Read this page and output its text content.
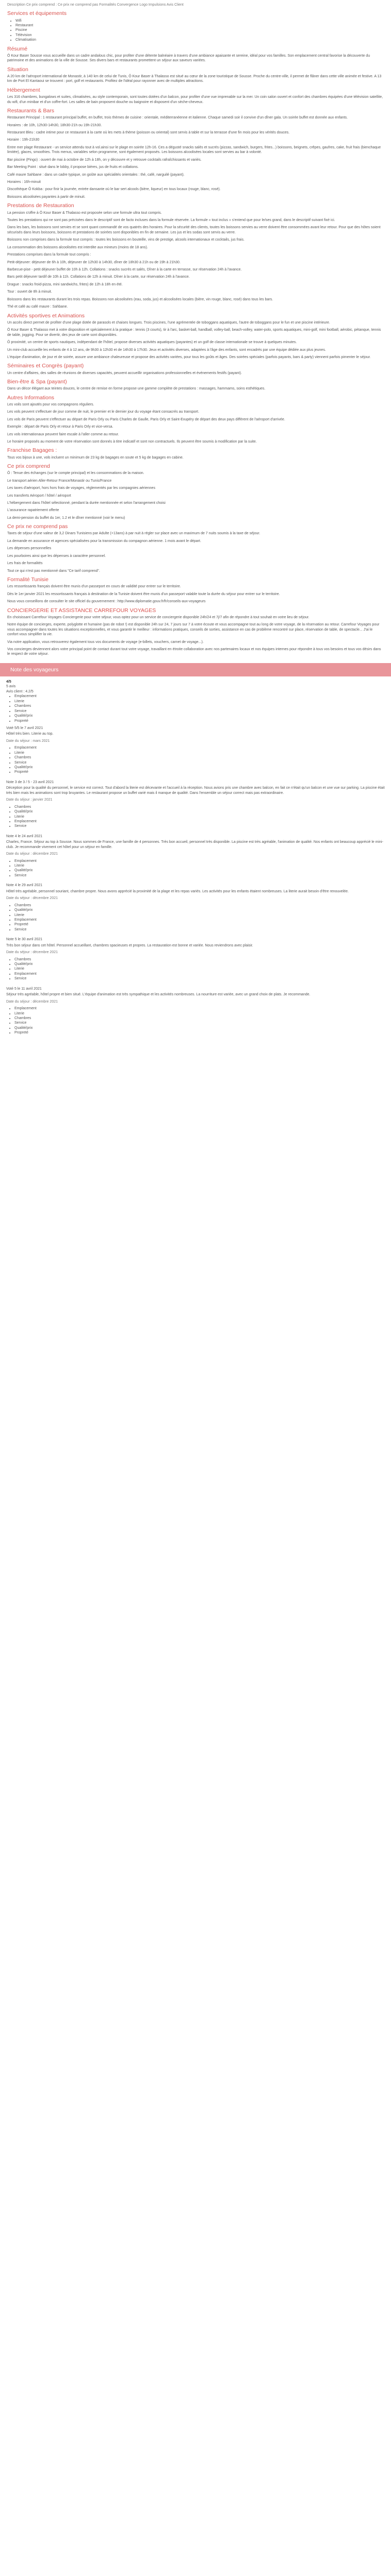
Description Ce prix comprend : Ce prix ne comprend pas Formalités Convergence Logo Impulsions Avis Client

Services et équipements
• Wifi
• Restaurant
• Piscine
• Télévision
• Climatisation
Résumé

Ô Kour Baser Sousse vous accueille dans un cadre andalous chic, pour profiter d'une détente balnéaire à travers d'une ambiance apaisante et sereine, idéal pour vos familles. Son emplacement central favorise la découverte du patrimoine et des animations de la ville de Sousse. Ses divers bars et restaurants promettent un séjour aux saveurs variées.

Situation

A 20 km de l'aéroport international de Monastir, à 140 km de celui de Tunis, Ô Kour Baser à Thalasso est situé au cœur de la zone touristique de Sousse. Proche du centre-ville, il permet de flâner dans cette ville animée et festive. A 13 km de Port El Kantaoui se trouvent : port, golf et restaurants. Profitez de l'idéal pour rayonner avec de multiples attractions.

Hébergement

Les 316 chambres, bungalows et suites, climatisées, au style contemporain, sont toutes dotées d'un balcon, pour profiter d'une vue imprenable sur la mer. Un coin salon ouvert et confort des chambres équipées d'une télévision satellite, du wifi, d'un minibar et d'un coffre-fort. Les salles de bain proposent douche ou baignoire et disposent d'un sèche-cheveux.

Restaurants & Bars

Restaurant Principal : 1 restaurant principal buffet, en buffet, trois thèmes de cuisine : orientale, méditerranéenne et italienne. Chaque samedi soir il convive d'un dîner gala. Un soirée buffet est donnée aux enfants.

Horaires : de 10h, 12h30-14h30, 18h30-21h ou 19h-21h30.

Restaurant Bleu : cadre intime pour ce restaurant à la carte où les mets à thème (poisson ou oriental) sont servis à table et sur la terrasse d'une fin mois pour les vérités douces.

Horaire : 19h-21h30

Entre mer plage Restaurant - un service attendu tout à vol.ainsi sur le plage en soirée 12h-16. Ces a dégusté snacks salés et sucrés (pizzas, sandwich, burgers, frites...) boissons, beignets, crêpes, gaufres, cake, fruit frais (bienchaque limitée), glaces, smoothies. Trois menus, variables selon programme, sont également proposés. Les boissons alcoolisées locales sont servies au bar à volonté.

Bar piscine (Pingo) : ouvert de mai à octobre de 12h à 18h, on y découvre et y retrouve cocktails rafraîchissants et variés.

Bar Meeting Point : situé dans le lobby, il propose bières, jus de fruits et collations.

Café maure Sahbane : dans un cadre typique, on goûte aux spécialités orientales : thé, café, narguilé (payant).

Horaires : 16h-minuit

Discothèque Ô Kokba : pour finir la journée, entrée dansante où le bar sert alcools (bière, liqueur) en tous locaux (rouge, blanc, rosé).

Boissons alcoolisées payantes à partir de minuit.

Prestations de Restauration

La pension s'offre à Ô Kour Baser & Thalasso est proposée selon une formule ultra tout compris.

Toutes les prestations qui ne sont pas précisées dans le descriptif sont de facto incluses dans la formule réservée. La formule « tout inclus » s'entend que pour le/ses grand, dans le descriptif suivant fixé ici.

Dans les bars, les boissons sont servies et se sont quant commandé de vos quatrés des horaires. Pour la sécurité des clients, toutes les boissons servies au verre doivent être consommées avant leur retour. Pour que des hôtes soient sécurisés dans leurs boissons, boissons et prestations de soirées sont disponibles en fin de semaine. Les jus et les sodas sont servis au verre.

Boissons non comprises dans la formule tout compris : toutes les boissons en bouteille, vins de prestige, alcools internationaux et cocktails, jus frais.

La consommation des boissons alcoolisées est interdite aux mineurs (moins de 18 ans).

Prestations comprises dans la formule tout compris :

Petit-déjeuner: déjeuner de 6h à 10h, déjeuner de 12h30 à 14h30, dîner de 18h30 à 21h ou de 19h à 21h30.

Barbecue-pise - petit déjeuner buffet de 10h à 12h. Collations : snacks sucrés et salés, Dîner à la carte en terrasse, sur réservation 24h à l'avance.

Bars petit déjeuner tardif de 10h à 11h. Collations de 12h à minuit. Dîner à la carte, sur réservation 24h à l'avance.

Drague : snacks froid-pizza, mini sandwichs, frites) de 12h à 18h en été.

Tour : ouvert de 8h à minuit.

Boissons dans les restaurants durant les trois repas. Boissons non alcoolisées (eau, soda, jus) et alcoolisées locales (bière, vin rouge, blanc, rosé) dans tous les bars.

Thé et café au café maure : Sahbane.

Activités sportives et Animations

Un accès direct permet de profiter d'une plage dotée de parasols et chaises longues. Trois piscines, l'une agrémentée de toboggans aquatiques, l'autre de toboggans pour le fun et une piscine intérieure.

Ô Kour Baser & Thalasso met à votre disposition et spécialement à la pratique : tennis (3 courts), tir à l'arc, basket-ball, handball, volley-ball, beach-volley, water-polo, sports aquatiques, mini-golf, mini football, aérobic, pétanque, tennis de table, jogging. Pour se divertir, des jeux de carte sont disponibles.

Ô proximité, un centre de sports nautiques, indépendant de l'hôtel, propose diverses activités aquatiques (payantes) et un golf de classe internationale se trouve à quelques minutes.

Un mini-club accueille les enfants de 4 à 12 ans, de 9h30 à 12h30 et de 14h30 à 17h30. Jeux et activités diverses, adaptées à l'âge des enfants, sont encadrés par une équipe dédiée aux plus jeunes.

L'équipe d'animation, de jour et de soirée, assure une ambiance chaleureuse et propose des activités variées, pour tous les goûts et âges. Des soirées spéciales (parfois payants, bars & party) viennent parfois pimenter le séjour.

Séminaires et Congrès (payant)

Un centre d'affaires, des salles de réunions de diverses capacités, peuvent accueillir organisations professionnelles et événements festifs (payant).

Bien-être & Spa (payant)

Dans un décor élégant aux teintes douces, le centre de remise en forme propose une gamme complète de prestations : massages, hammams, soins esthétiques.

Autres Informations

Les voils sont ajoutés pour vos compagnons réguliers.

Les vols peuvent s'effectuer de jour comme de nuit, le premier et le dernier jour du voyage étant consacrés au transport.

Les vols de Paris peuvent s'effectuer au départ de Paris Orly ou Paris Charles de Gaulle, Paris Orly et Saint-Exupéry de départ des deux pays différent de l'aéroport d'arrivée.

Exemple : départ de Paris Orly et retour à Paris Orly et vice-versa.

Les vols internationaux peuvent faire escale à l'aller comme au retour.

Le horaire proposés au moment de votre réservation sont donnés à titre indicatif et sont non contractuels. Ils peuvent être soumis à modification par la suite.

Franchise Bagages :

Tous vos bijoux à une, vols incluent un minimum de 23 kg de bagages en soute et 5 kg de bagages en cabine.

Ce prix comprend

Ô : Tenue des échanges (sur le compte principal) et les consommations de la maison.

Le transport aérien Aller-Retour France/Monastir ou Tunis/France

Les taxes d'aéroport, hors hors frais de voyages, réglementés par les compagnies aériennes

Les transferts Aéroport / hôtel / aéroport

L'hébergement dans l'hôtel sélectionné, pendant la durée mentionnée et selon l'arrangement choisi

L'assurance rapatriement offerte

La demi-pension du buffet du 1er, 1.2 et le dîner mentionné (voir le menu)

Ce prix ne comprend pas

Taxes de séjour d'une valeur de 3,2 Dinars Tunisiens par Adulte (+13ans) à par nuit à régler sur place avec un maximum de 7 nuits soumis à la taxe de séjour.

La demande en assurance et agences spécialisées pour la transmission du compagnon aérienne. 1 mois avant le départ.

Les dépenses personnelles

Les pourboires ainsi que les dépenses à caractère personnel.

Les frais de formalités

Tout ce qui n'est pas mentionné dans "Ce tarif comprend".

Formalité Tunisie

Les ressortissants français doivent être munis d'un passeport en cours de validité pour entrer sur le territoire.

Dès le 1er janvier 2021 les ressortissants français à destination de la Tunisie doivent être munis d'un passeport valable toute la durée du séjour pour entrer sur le territoire.

Nous vous conseillons de consulter le site officiel du gouvernement : http://www.diplomatie.gouv.fr/fr/conseils-aux-voyageurs

CONCIERGERIE ET ASSISTANCE CARREFOUR VOYAGES

En choisissant Carrefour Voyages Conciergerie pour votre séjour, vous optez pour un service de conciergerie disponible 24h/24 et 7j/7 afin de répondre à tout souhait en votre lieu de séjour.

Notre équipe de concierges, experte, polyglotte et humaine (pas de robot !) est disponible 24h sur 24, 7 jours sur 7 à votre écoute et vous accompagne tout au long de votre voyage, de la réservation au retour. Carrefour Voyages pour vous accompagner dans toutes les situations exceptionnelles, et vous garantir le meilleur : informations pratiques, conseils de sorties, assistance en cas de problème rencontré sur place, réservation de table, de spectacle... J'ai le confort vous simplifier la vie.

Via notre application, vous retrouverez également tous vos documents de voyage (e-billets, vouchers, carnet de voyage...).

Vos concierges deviennent alors votre principal point de contact durant tout votre voyage, travaillant en étroite collaboration avec nos partenaires locaux et nos équipes internes pour répondre à tous vos besoins et tous vos désirs dans le respect de votre séjour.

Note des voyageurs
4/5
5 avis
Avis client : 4.2/5
• Emplacement
• Literie
• Chambres
• Service
• Qualité/prix
• Propreté
Voté 5/5 le 7 avril 2021

Hôtel très bien. Literie au top.

Date du séjour : mars 2021
• Emplacement
• Literie
• Chambres
• Service
• Qualité/prix
• Propreté
Note 3 de 3 / 5 - 23 avril 2021

Déception pour la qualité du personnel, le service est correct. Tout d'abord la literie est décevante et l'accueil à la réception. Nous avions pris une chambre avec balcon, en fait ce n'était qu'un balcon et une vue sur parking. La piscine était très bien mais les animations sont trop bruyantes. Le restaurant propose un buffet varié mais il manque de qualité. Dans l'ensemble un séjour correct mais pas extraordinaire.

Date du séjour : janvier 2021
• Chambres
• Qualité/prix
• Literie
• Emplacement
• Service
Note 4 le 24 avril 2021

Charles, France. Séjour au top à Sousse. Nous sommes de France, une famille de 4 personnes. Très bon accueil, personnel très disponible. La piscine est très agréable, l'animation de qualité. Nos enfants ont beaucoup apprécié le mini-club. Je recommande vivement cet hôtel pour un séjour en famille.

Date du séjour : décembre 2021
• Emplacement
• Literie
• Qualité/prix
• Service
Note 4 le 29 avril 2021

Hôtel très agréable, personnel souriant, chambre propre. Nous avons apprécié la proximité de la plage et les repas variés. Les activités pour les enfants étaient nombreuses. La literie aurait besoin d'être renouvelée.

Date du séjour : décembre 2021
• Chambres
• Qualité/prix
• Literie
• Emplacement
• Propreté
• Service
Note 5 le 30 avril 2021

Très bon séjour dans cet hôtel. Personnel accueillant, chambres spacieuses et propres. La restauration est bonne et variée. Nous reviendrons avec plaisir.

Date du séjour : décembre 2021
• Chambres
• Qualité/prix
• Literie
• Emplacement
• Service
Voté 5 le 11 avril 2021

Séjour très agréable, hôtel propre et bien situé. L'équipe d'animation est très sympathique et les activités nombreuses. La nourriture est variée, avec un grand choix de plats. Je recommande.

Date du séjour : décembre 2021
• Emplacement
• Literie
• Chambres
• Service
• Qualité/prix
• Propreté
